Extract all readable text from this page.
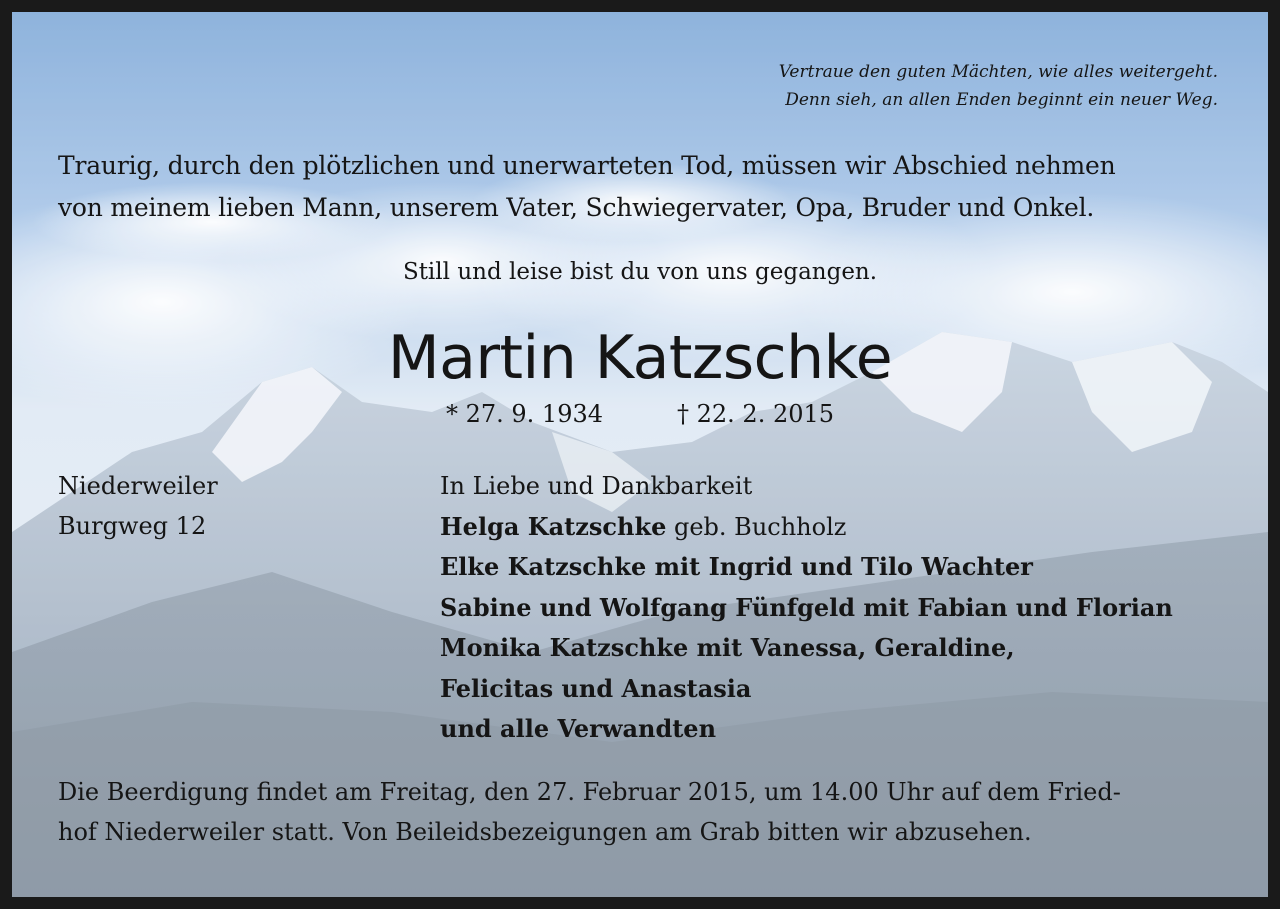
Vertraue den guten Mächten, wie alles weitergeht.
Denn sieh, an allen Enden beginnt ein neuer Weg.
Traurig, durch den plötzlichen und unerwarteten Tod, müssen wir Abschied nehmen
von meinem lieben Mann, unserem Vater, Schwiegervater, Opa, Bruder und Onkel.
Still und leise bist du von uns gegangen.
Martin Katzschke
* 27. 9. 1934	† 22. 2. 2015
Niederweiler
Burgweg 12
In Liebe und Dankbarkeit
Helga Katzschke geb. Buchholz
Elke Katzschke mit Ingrid und Tilo Wachter
Sabine und Wolfgang Fünfgeld mit Fabian und Florian
Monika Katzschke mit Vanessa, Geraldine,
Felicitas und Anastasia
und alle Verwandten
Die Beerdigung findet am Freitag, den 27. Februar 2015, um 14.00 Uhr auf dem Fried-
hof Niederweiler statt. Von Beileidsbezeigungen am Grab bitten wir abzusehen.
